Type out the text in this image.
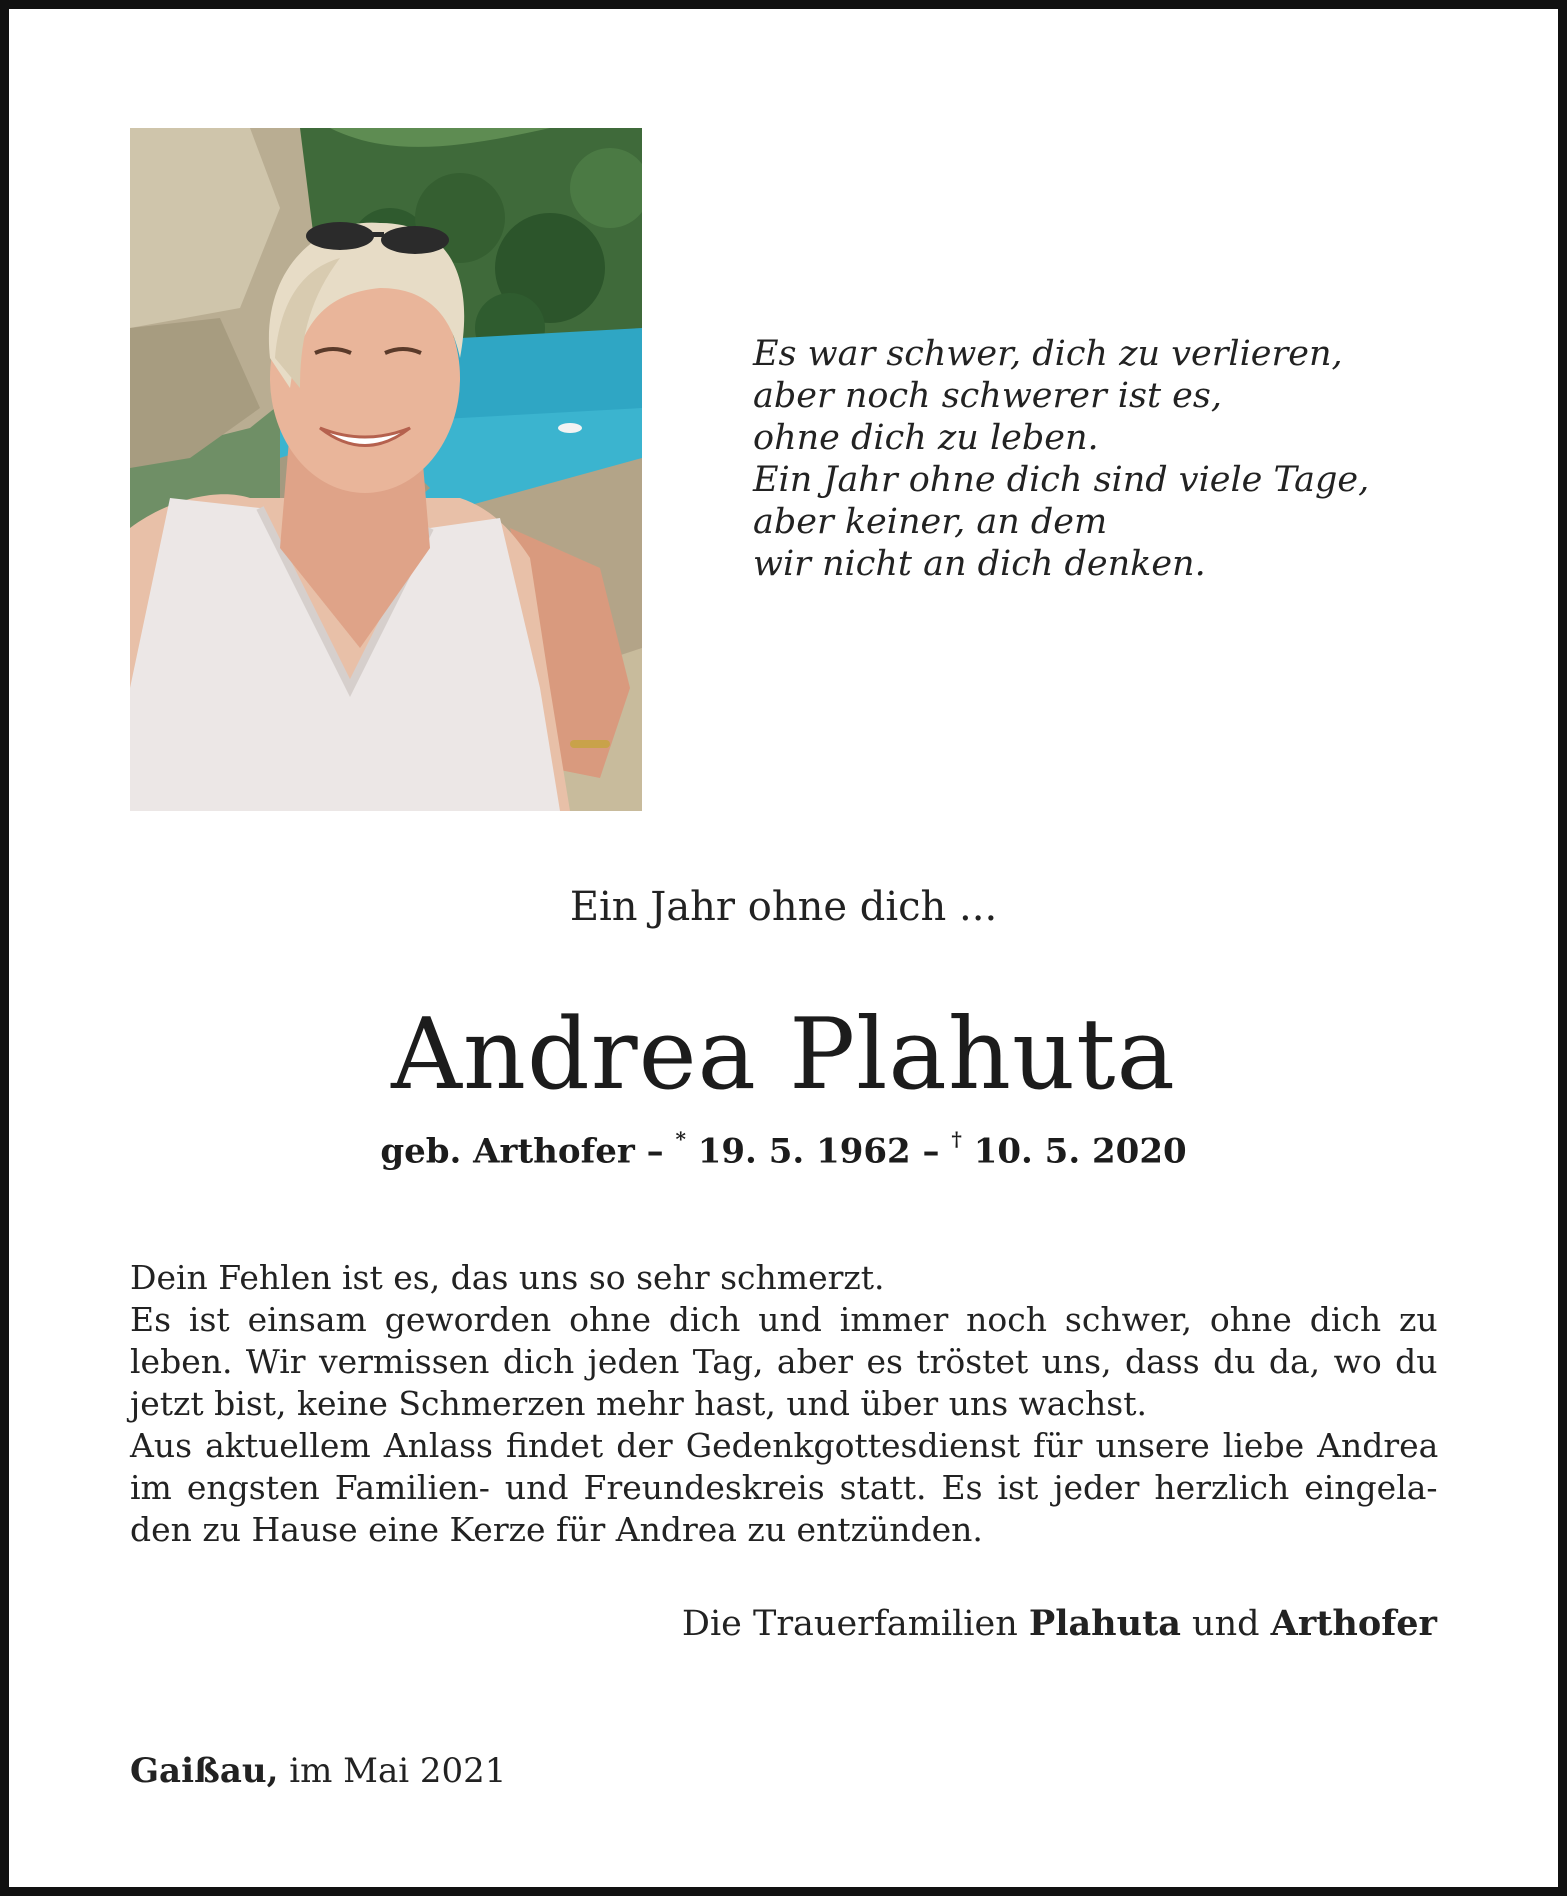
Es war schwer, dich zu verlieren,
aber noch schwerer ist es,
ohne dich zu leben.
Ein Jahr ohne dich sind viele Tage,
aber keiner, an dem
wir nicht an dich denken.
Ein Jahr ohne dich ...
Andrea Plahuta
geb. Arthofer – * 19. 5. 1962 – † 10. 5. 2020
Dein Fehlen ist es, das uns so sehr schmerzt.
Es ist einsam geworden ohne dich und immer noch schwer, ohne dich zu
leben. Wir vermissen dich jeden Tag, aber es tröstet uns, dass du da, wo du
jetzt bist, keine Schmerzen mehr hast, und über uns wachst.
Aus aktuellem Anlass findet der Gedenkgottesdienst für unsere liebe Andrea
im engsten Familien- und Freundeskreis statt. Es ist jeder herzlich eingela-
den zu Hause eine Kerze für Andrea zu entzünden.
Die Trauerfamilien Plahuta und Arthofer
Gaißau, im Mai 2021
